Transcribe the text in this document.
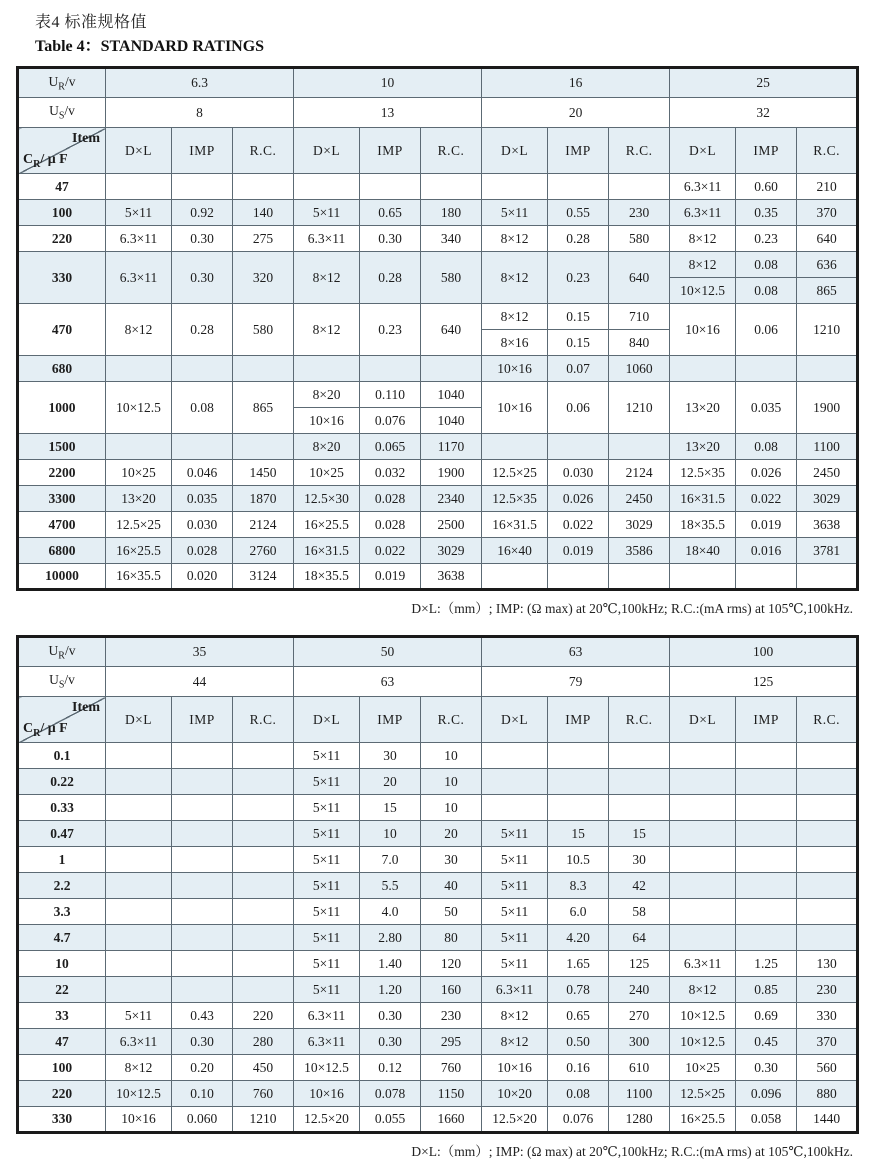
表4 标准规格值
Table 4：STANDARD RATINGS
$U_R/v$	6.3			10			16			25		
$U_S/v$	8			13			20			32		

Item
$C_R/$ μ F	D×L	IMP	R.C.	D×L	IMP	R.C.	D×L	IMP	R.C.	D×L	IMP	R.C.
47										6.3×11	0.60	210
100	5×11	0.92	140	5×11	0.65	180	5×11	0.55	230	6.3×11	0.35	370
220	6.3×11	0.30	275	6.3×11	0.30	340	8×12	0.28	580	8×12	0.23	640
330	6.3×11	0.30	320	8×12	0.28	580	8×12	0.23	640	8×12	0.08	636
										10×12.5	0.08	865
470	8×12	0.28	580	8×12	0.23	640	8×12	0.15	710	10×16	0.06	1210
							8×16	0.15	840			
680							10×16	0.07	1060			
1000	10×12.5	0.08	865	8×20	0.110	1040	10×16	0.06	1210	13×20	0.035	1900
				10×16	0.076	1040						
1500				8×20	0.065	1170				13×20	0.08	1100
2200	10×25	0.046	1450	10×25	0.032	1900	12.5×25	0.030	2124	12.5×35	0.026	2450
3300	13×20	0.035	1870	12.5×30	0.028	2340	12.5×35	0.026	2450	16×31.5	0.022	3029
4700	12.5×25	0.030	2124	16×25.5	0.028	2500	16×31.5	0.022	3029	18×35.5	0.019	3638
6800	16×25.5	0.028	2760	16×31.5	0.022	3029	16×40	0.019	3586	18×40	0.016	3781
10000	16×35.5	0.020	3124	18×35.5	0.019	3638						
D×L:（mm）; IMP: (Ω max) at 20℃,100kHz; R.C.:(mA rms) at 105℃,100kHz.
$U_R/v$	35			50			63			100		
$U_S/v$	44			63			79			125		

Item
$C_R/$ μ F	D×L	IMP	R.C.	D×L	IMP	R.C.	D×L	IMP	R.C.	D×L	IMP	R.C.
0.1				5×11	30	10						
0.22				5×11	20	10						
0.33				5×11	15	10						
0.47				5×11	10	20	5×11	15	15			
1				5×11	7.0	30	5×11	10.5	30			
2.2				5×11	5.5	40	5×11	8.3	42			
3.3				5×11	4.0	50	5×11	6.0	58			
4.7				5×11	2.80	80	5×11	4.20	64			
10				5×11	1.40	120	5×11	1.65	125	6.3×11	1.25	130
22				5×11	1.20	160	6.3×11	0.78	240	8×12	0.85	230
33	5×11	0.43	220	6.3×11	0.30	230	8×12	0.65	270	10×12.5	0.69	330
47	6.3×11	0.30	280	6.3×11	0.30	295	8×12	0.50	300	10×12.5	0.45	370
100	8×12	0.20	450	10×12.5	0.12	760	10×16	0.16	610	10×25	0.30	560
220	10×12.5	0.10	760	10×16	0.078	1150	10×20	0.08	1100	12.5×25	0.096	880
330	10×16	0.060	1210	12.5×20	0.055	1660	12.5×20	0.076	1280	16×25.5	0.058	1440
D×L:（mm）; IMP: (Ω max) at 20℃,100kHz; R.C.:(mA rms) at 105℃,100kHz.
